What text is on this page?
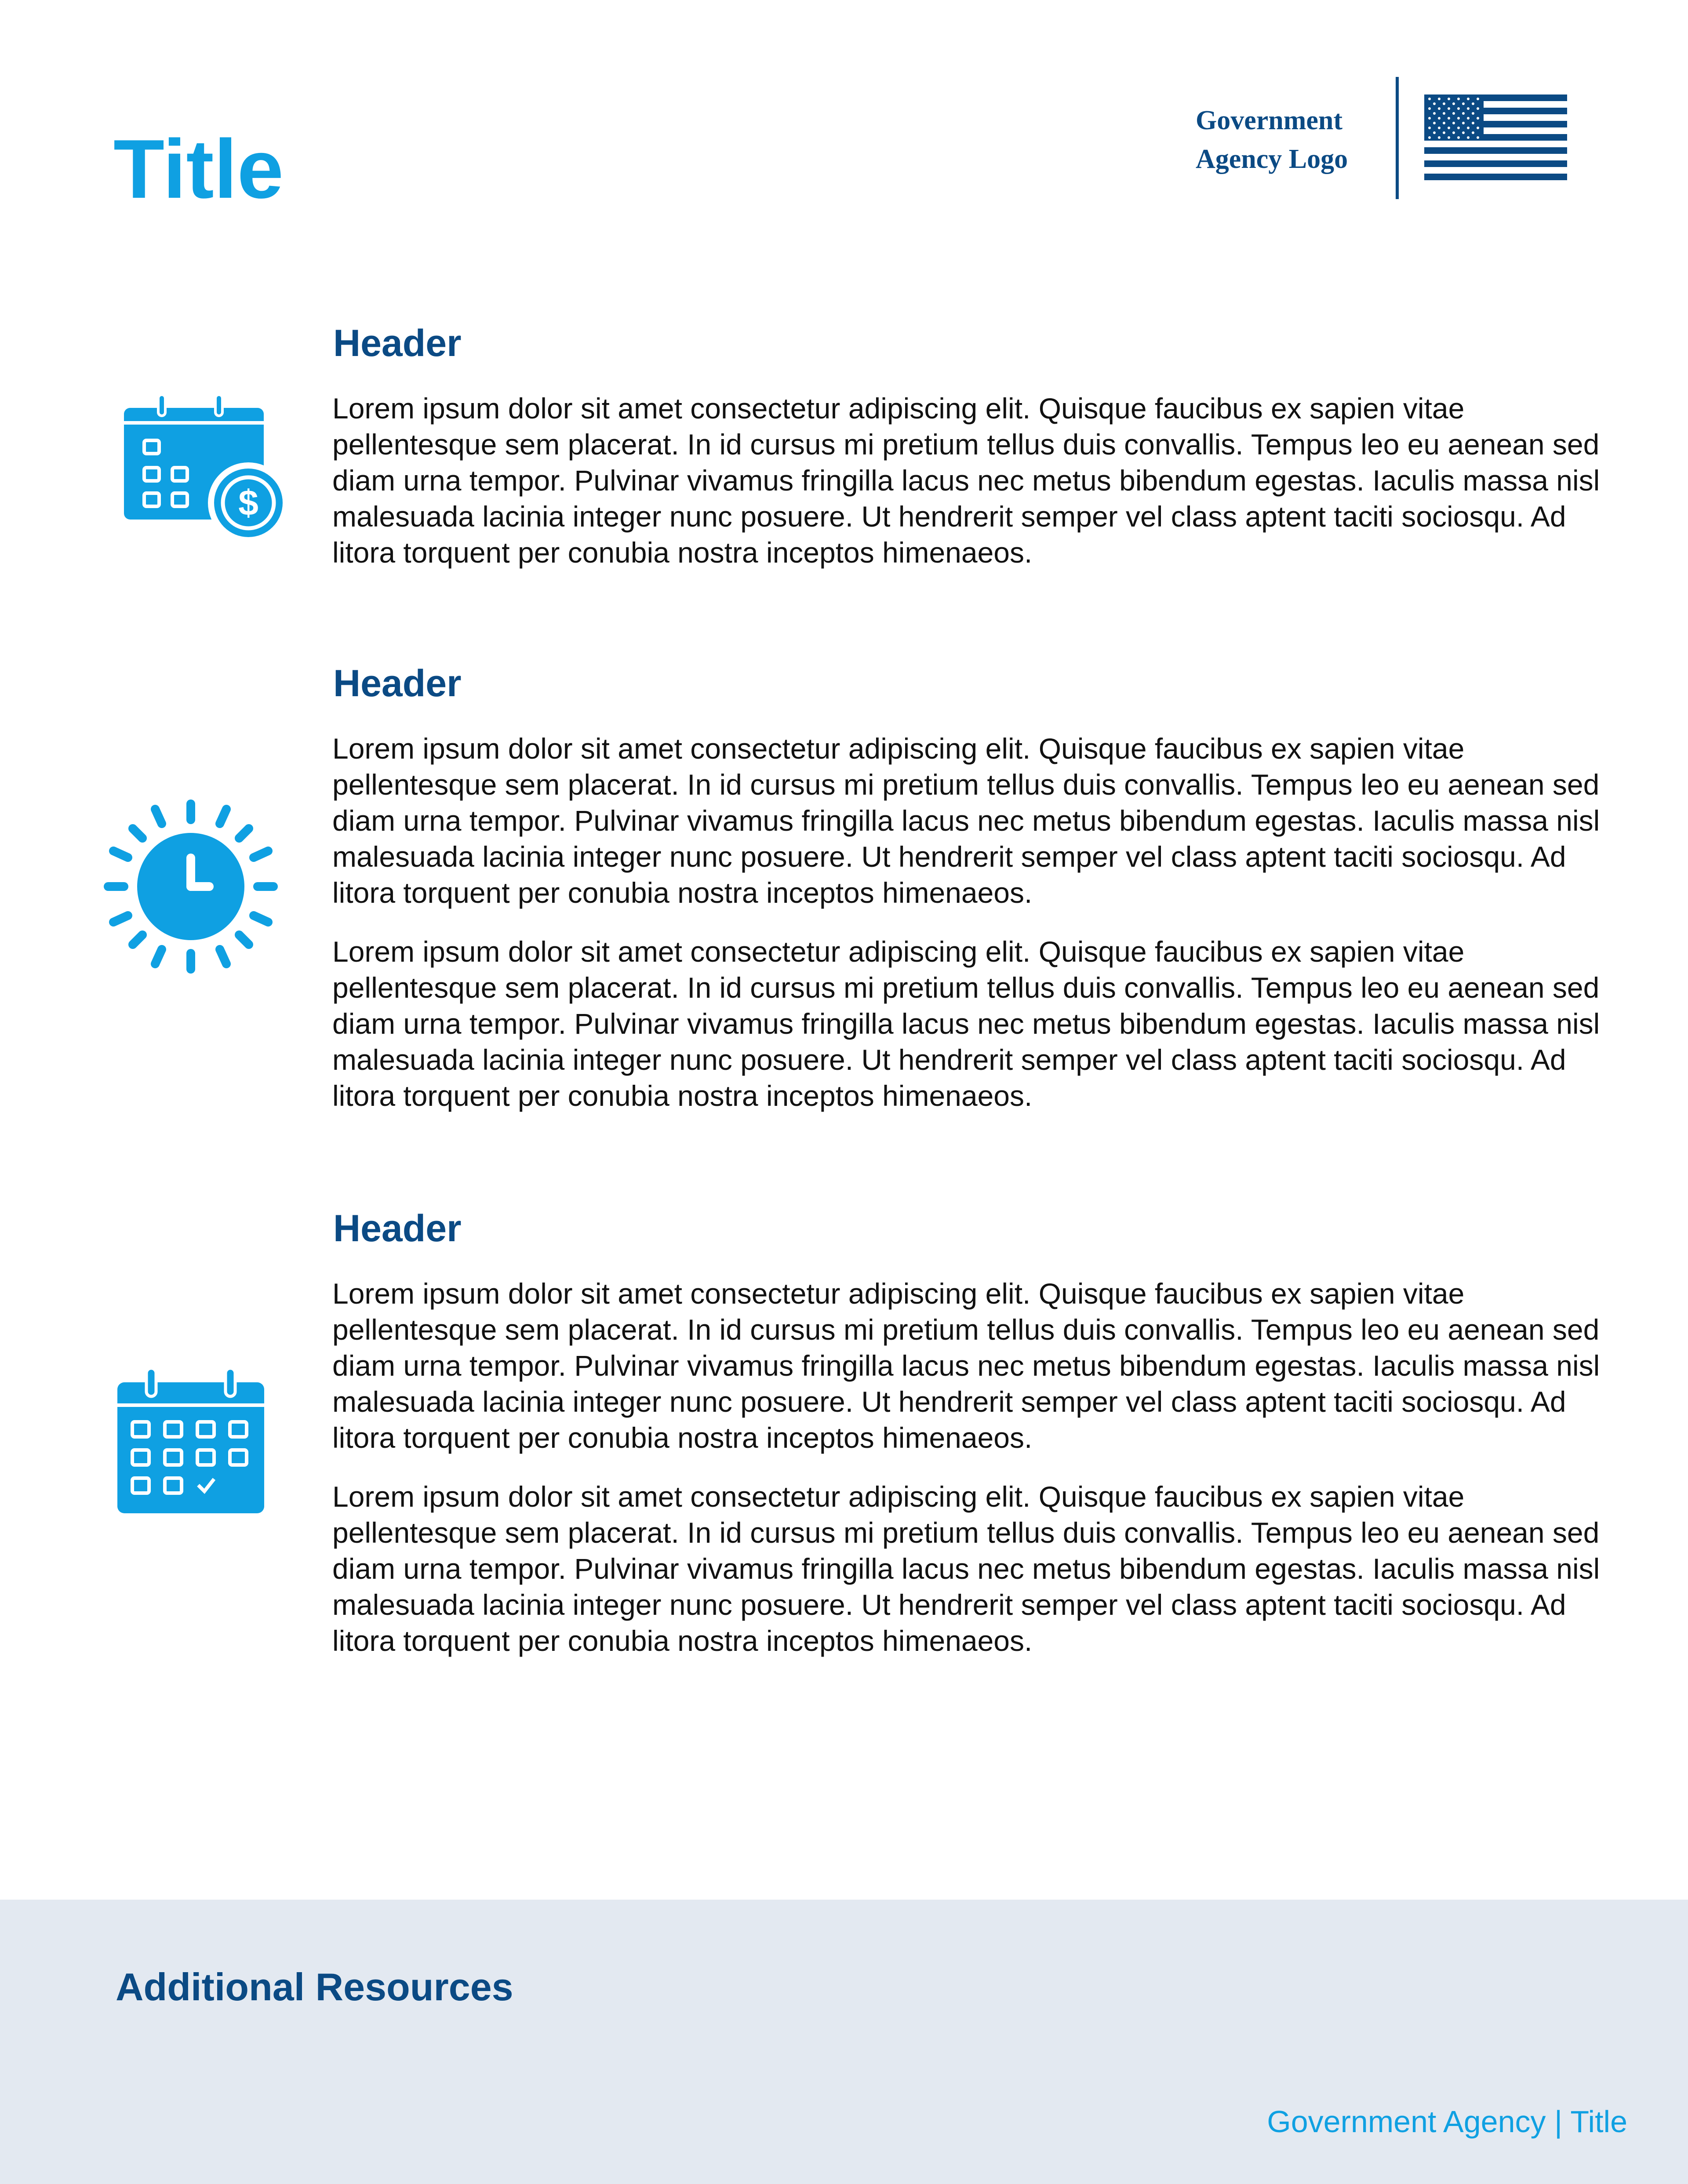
Title
Government
Agency Logo
Header
$

Lorem ipsum dolor sit amet consectetur adipiscing elit. Quisque faucibus ex sapien vitae pellentesque sem placerat. In id cursus mi pretium tellus duis convallis. Tempus leo eu aenean sed diam urna tempor. Pulvinar vivamus fringilla lacus nec metus bibendum egestas. Iaculis massa nisl malesuada lacinia integer nunc posuere. Ut hendrerit semper vel class aptent taciti sociosqu. Ad litora torquent per conubia nostra inceptos himenaeos.

Header

Lorem ipsum dolor sit amet consectetur adipiscing elit. Quisque faucibus ex sapien vitae pellentesque sem placerat. In id cursus mi pretium tellus duis convallis. Tempus leo eu aenean sed diam urna tempor. Pulvinar vivamus fringilla lacus nec metus bibendum egestas. Iaculis massa nisl malesuada lacinia integer nunc posuere. Ut hendrerit semper vel class aptent taciti sociosqu. Ad litora torquent per conubia nostra inceptos himenaeos.

Lorem ipsum dolor sit amet consectetur adipiscing elit. Quisque faucibus ex sapien vitae pellentesque sem placerat. In id cursus mi pretium tellus duis convallis. Tempus leo eu aenean sed diam urna tempor. Pulvinar vivamus fringilla lacus nec metus bibendum egestas. Iaculis massa nisl malesuada lacinia integer nunc posuere. Ut hendrerit semper vel class aptent taciti sociosqu. Ad litora torquent per conubia nostra inceptos himenaeos.

Header

Lorem ipsum dolor sit amet consectetur adipiscing elit. Quisque faucibus ex sapien vitae pellentesque sem placerat. In id cursus mi pretium tellus duis convallis. Tempus leo eu aenean sed diam urna tempor. Pulvinar vivamus fringilla lacus nec metus bibendum egestas. Iaculis massa nisl malesuada lacinia integer nunc posuere. Ut hendrerit semper vel class aptent taciti sociosqu. Ad litora torquent per conubia nostra inceptos himenaeos.

Lorem ipsum dolor sit amet consectetur adipiscing elit. Quisque faucibus ex sapien vitae pellentesque sem placerat. In id cursus mi pretium tellus duis convallis. Tempus leo eu aenean sed diam urna tempor. Pulvinar vivamus fringilla lacus nec metus bibendum egestas. Iaculis massa nisl malesuada lacinia integer nunc posuere. Ut hendrerit semper vel class aptent taciti sociosqu. Ad litora torquent per conubia nostra inceptos himenaeos.

Additional Resources
Government Agency | Title
